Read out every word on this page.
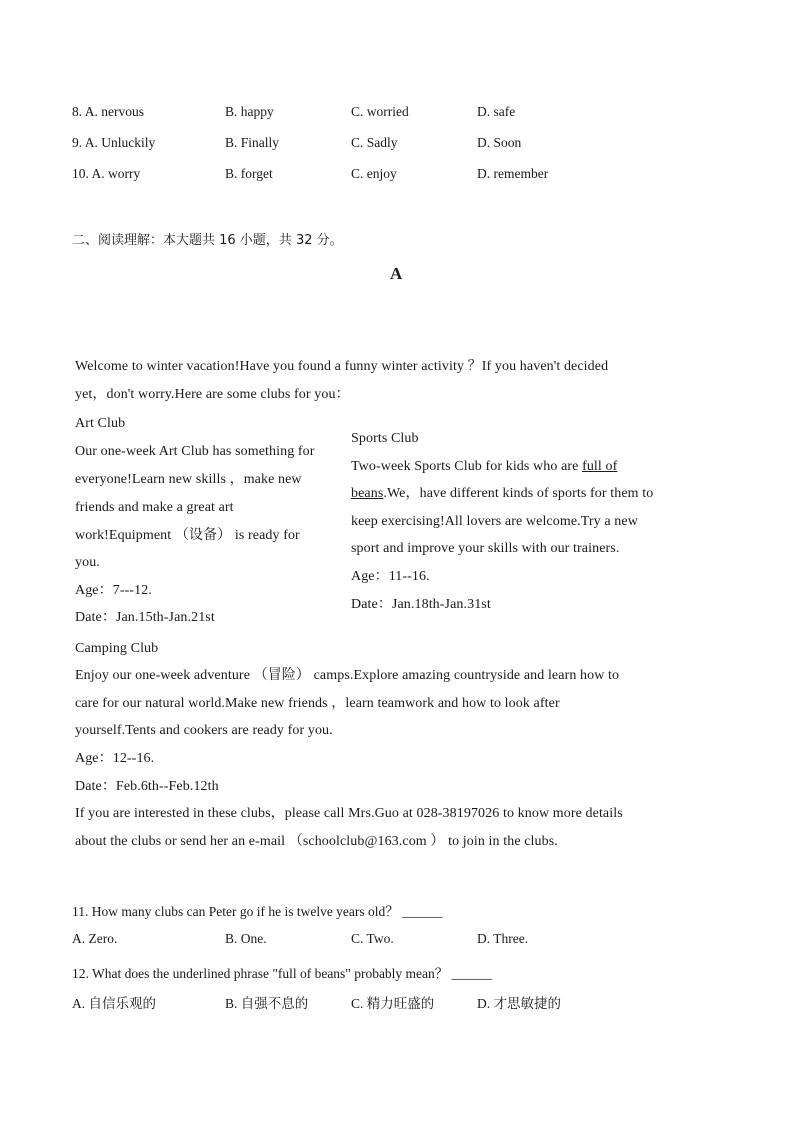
8. A. nervous	B. happy	C. worried	D. safe
9. A. Unluckily	B. Finally	C. Sadly	D. Soon
10. A. worry	B. forget	C. enjoy	D. remember
二、阅读理解：本大题共 16 小题，共 32 分。
A
Welcome to winter vacation!Have you found a funny winter activity ？If you haven't decided
yet，don't worry.Here are some clubs for you：
Art Club
Our one-week Art Club has something for
everyone!Learn new skills ，make new
friends and make a great art
work!Equipment （设备） is ready for
you.
Age：7---12.
Date：Jan.15th-Jan.21st
Sports Club
Two-week Sports Club for kids who are full of
beans.We，have different kinds of sports for them to
keep exercising!All lovers are welcome.Try a new
sport and improve your skills with our trainers.
Age：11--16.
Date：Jan.18th-Jan.31st
Camping Club
Enjoy our one-week adventure （冒险） camps.Explore amazing countryside and learn how to
care for our natural world.Make new friends ，learn teamwork and how to look after
yourself.Tents and cookers are ready for you.
Age：12--16.
Date：Feb.6th--Feb.12th
If you are interested in these clubs，please call Mrs.Guo at 028-38197026 to know more details
about the clubs or send her an e-mail （schoolclub@163.com ） to join in the clubs.
11. How many clubs can Peter go if he is twelve years old？ ______
A. Zero.	B. One.	C. Two.	D. Three.
12. What does the underlined phrase "full of beans" probably mean？ ______
A. 自信乐观的	B. 自强不息的	C. 精力旺盛的	D. 才思敏捷的
